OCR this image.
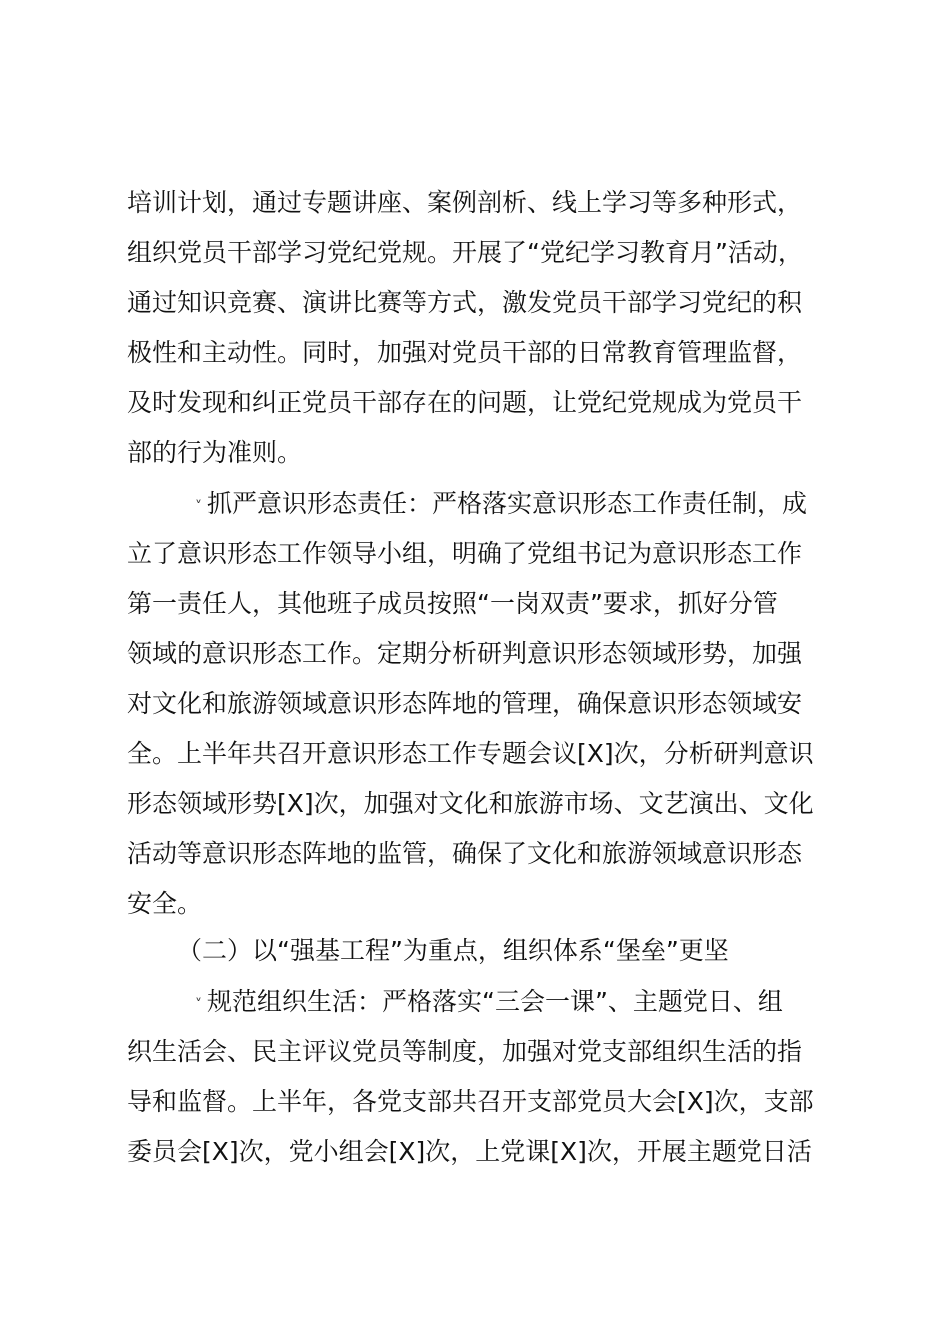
培训计划，通过专题讲座、案例剖析、线上学习等多种形式，
组织党员干部学习党纪党规。开展了“党纪学习教育月”活动，
通过知识竞赛、演讲比赛等方式，激发党员干部学习党纪的积
极性和主动性。同时，加强对党员干部的日常教育管理监督，
及时发现和纠正党员干部存在的问题，让党纪党规成为党员干
部的行为准则。
˅ 抓严意识形态责任：严格落实意识形态工作责任制，成
立了意识形态工作领导小组，明确了党组书记为意识形态工作
第一责任人，其他班子成员按照“一岗双责”要求，抓好分管
领域的意识形态工作。定期分析研判意识形态领域形势，加强
对文化和旅游领域意识形态阵地的管理，确保意识形态领域安
全。上半年共召开意识形态工作专题会议[X]次，分析研判意识
形态领域形势[X]次，加强对文化和旅游市场、文艺演出、文化
活动等意识形态阵地的监管，确保了文化和旅游领域意识形态
安全。
（二）以“强基工程”为重点，组织体系“堡垒”更坚
˅ 规范组织生活：严格落实“三会一课”、主题党日、组
织生活会、民主评议党员等制度，加强对党支部组织生活的指
导和监督。上半年，各党支部共召开支部党员大会[X]次，支部
委员会[X]次，党小组会[X]次，上党课[X]次，开展主题党日活
